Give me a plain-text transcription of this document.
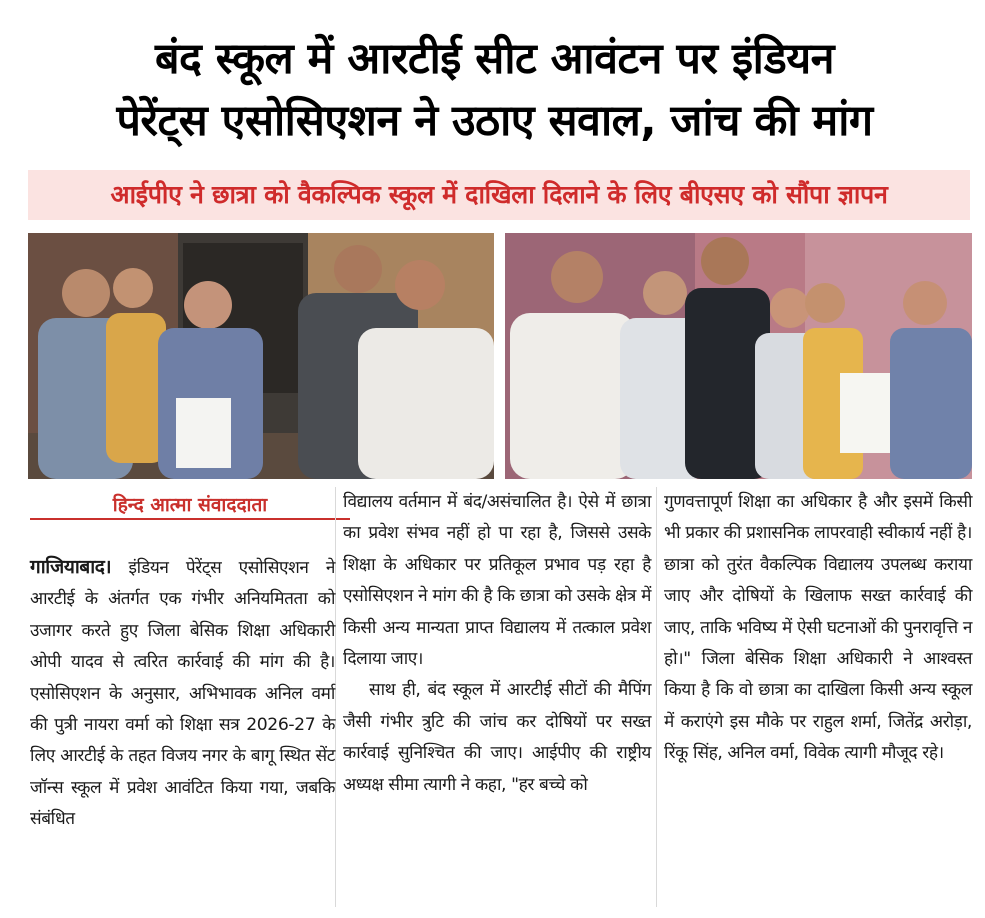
बंद स्कूल में आरटीई सीट आवंटन पर इंडियन
पेरेंट्स एसोसिएशन ने उठाए सवाल, जांच की मांग
आईपीए ने छात्रा को वैकल्पिक स्कूल में दाखिला दिलाने के लिए बीएसए को सौंपा ज्ञापन
हिन्द आत्मा संवाददाता
गाजियाबाद। इंडियन पेरेंट्स एसोसिएशन ने आरटीई के अंतर्गत एक गंभीर अनियमितता को उजागर करते हुए जिला बेसिक शिक्षा अधिकारी ओपी यादव से त्वरित कार्रवाई की मांग की है। एसोसिएशन के अनुसार, अभिभावक अनिल वर्मा की पुत्री नायरा वर्मा को शिक्षा सत्र 2026-27 के लिए आरटीई के तहत विजय नगर के बागू स्थित सेंट जॉन्स स्कूल में प्रवेश आवंटित किया गया, जबकि संबंधित
विद्यालय वर्तमान में बंद/असंचालित है। ऐसे में छात्रा का प्रवेश संभव नहीं हो पा रहा है, जिससे उसके शिक्षा के अधिकार पर प्रतिकूल प्रभाव पड़ रहा है एसोसिएशन ने मांग की है कि छात्रा को उसके क्षेत्र में किसी अन्य मान्यता प्राप्त विद्यालय में तत्काल प्रवेश दिलाया जाए।
साथ ही, बंद स्कूल में आरटीई सीटों की मैपिंग जैसी गंभीर त्रुटि की जांच कर दोषियों पर सख्त कार्रवाई सुनिश्चित की जाए। आईपीए की राष्ट्रीय अध्यक्ष सीमा त्यागी ने कहा, "हर बच्चे को
गुणवत्तापूर्ण शिक्षा का अधिकार है और इसमें किसी भी प्रकार की प्रशासनिक लापरवाही स्वीकार्य नहीं है। छात्रा को तुरंत वैकल्पिक विद्यालय उपलब्ध कराया जाए और दोषियों के खिलाफ सख्त कार्रवाई की जाए, ताकि भविष्य में ऐसी घटनाओं की पुनरावृत्ति न हो।" जिला बेसिक शिक्षा अधिकारी ने आश्वस्त किया है कि वो छात्रा का दाखिला किसी अन्य स्कूल में कराएंगे इस मौके पर राहुल शर्मा, जितेंद्र अरोड़ा, रिंकू सिंह, अनिल वर्मा, विवेक त्यागी मौजूद रहे।
